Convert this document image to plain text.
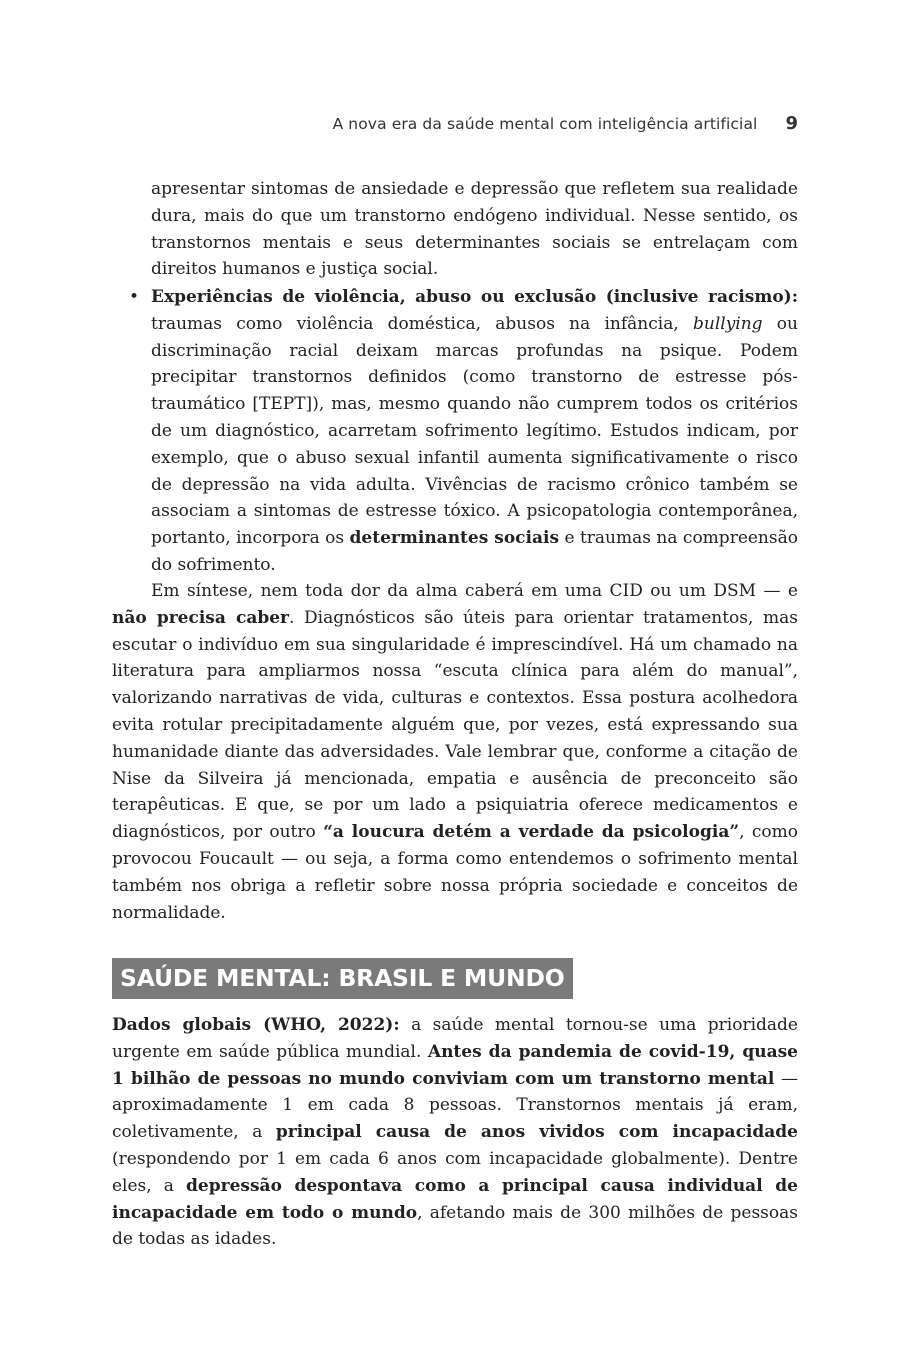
A nova era da saúde mental com inteligência artificial 9

apresentar sintomas de ansiedade e depressão que refletem sua realidade dura, mais do que um transtorno endógeno individual. Nesse sentido, os transtornos mentais e seus determinantes sociais se entrelaçam com direitos humanos e justiça social.

• Experiências de violência, abuso ou exclusão (inclusive racismo): traumas como violência doméstica, abusos na infância, bullying ou discriminação racial deixam marcas profundas na psique. Podem precipitar transtornos definidos (como transtorno de estresse pós-traumático [TEPT]), mas, mesmo quando não cumprem todos os critérios de um diagnóstico, acarretam sofrimento legítimo. Estudos indicam, por exemplo, que o abuso sexual infantil aumenta significativamente o risco de depressão na vida adulta. Vivências de racismo crônico também se associam a sintomas de estresse tóxico. A psicopatologia contemporânea, portanto, incorpora os determinantes sociais e traumas na compreensão do sofrimento.

Em síntese, nem toda dor da alma caberá em uma CID ou um DSM — e não precisa caber. Diagnósticos são úteis para orientar tratamentos, mas escutar o indivíduo em sua singularidade é imprescindível. Há um chamado na literatura para ampliarmos nossa “escuta clínica para além do manual”, valorizando narrativas de vida, culturas e contextos. Essa postura acolhedora evita rotular precipitadamente alguém que, por vezes, está expressando sua humanidade diante das adversidades. Vale lembrar que, conforme a citação de Nise da Silveira já mencionada, empatia e ausência de preconceito são terapêuticas. E que, se por um lado a psiquiatria oferece medicamentos e diagnósticos, por outro “a loucura detém a verdade da psicologia”, como provocou Foucault — ou seja, a forma como entendemos o sofrimento mental também nos obriga a refletir sobre nossa própria sociedade e conceitos de normalidade.

SAÚDE MENTAL: BRASIL E MUNDO

Dados globais (WHO, 2022): a saúde mental tornou-se uma prioridade urgente em saúde pública mundial. Antes da pandemia de covid-19, quase 1 bilhão de pessoas no mundo conviviam com um transtorno mental — aproximadamente 1 em cada 8 pessoas. Transtornos mentais já eram, coletivamente, a principal causa de anos vividos com incapacidade (respondendo por 1 em cada 6 anos com incapacidade globalmente). Dentre eles, a depressão despontava como a principal causa individual de incapacidade em todo o mundo, afetando mais de 300 milhões de pessoas de todas as idades.
